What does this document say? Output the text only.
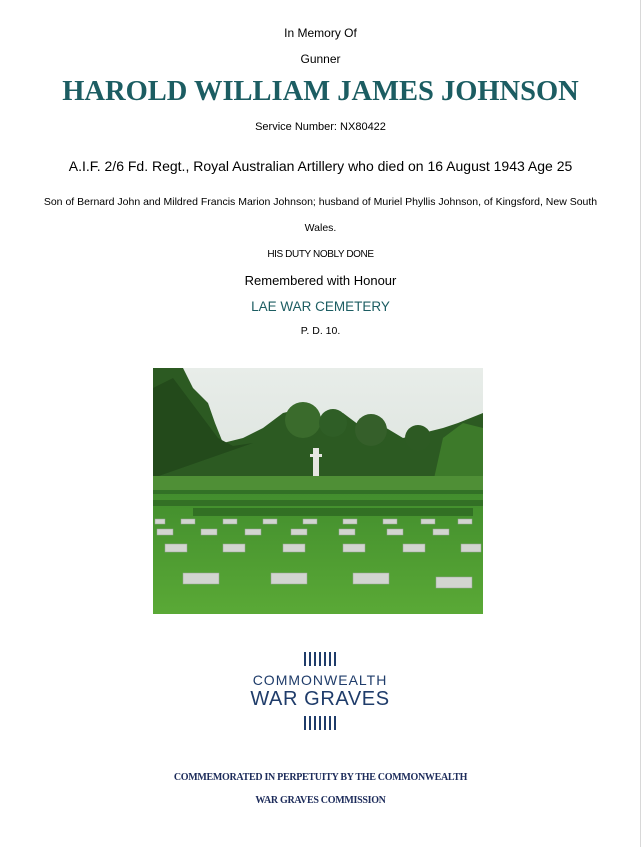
In Memory Of
Gunner
HAROLD WILLIAM JAMES JOHNSON
Service Number: NX80422
A.I.F. 2/6 Fd. Regt., Royal Australian Artillery who died on 16 August 1943 Age 25
Son of Bernard John and Mildred Francis Marion Johnson; husband of Muriel Phyllis Johnson, of Kingsford, New South Wales.
HIS DUTY NOBLY DONE
Remembered with Honour
LAE WAR CEMETERY
P. D. 10.
COMMONWEALTH
WAR GRAVES
COMMEMORATED IN PERPETUITY BY THE COMMONWEALTH
WAR GRAVES COMMISSION
